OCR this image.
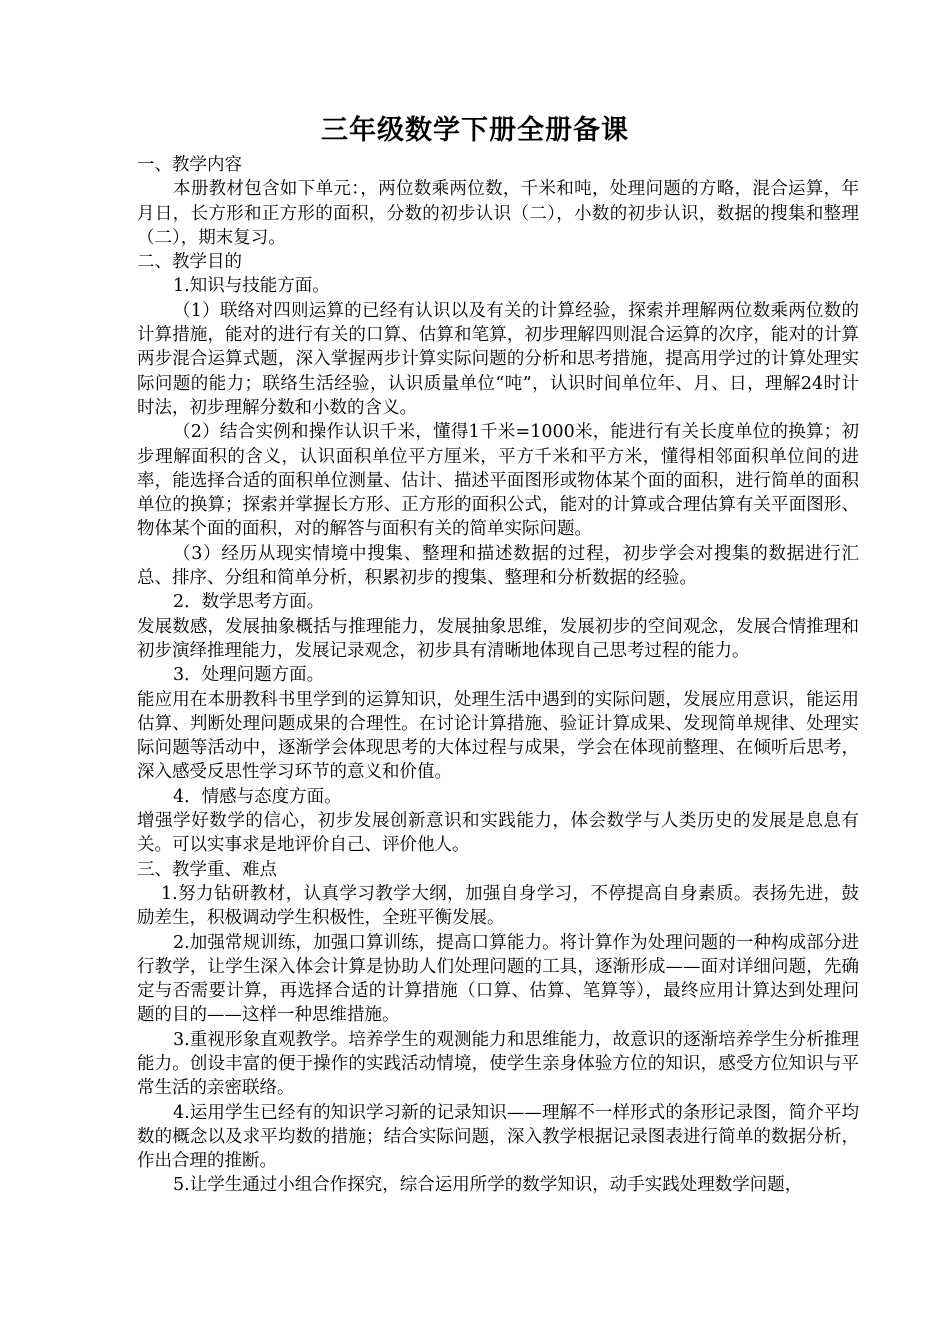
三年级数学下册全册备课

一、教学内容

本册教材包含如下单元：，两位数乘两位数，千米和吨，处理问题的方略，混合运算，年月日，长方形和正方形的面积，分数的初步认识（二），小数的初步认识，数据的搜集和整理（二），期末复习。

二、教学目的

1.知识与技能方面。

（1）联络对四则运算的已经有认识以及有关的计算经验，探索并理解两位数乘两位数的计算措施，能对的进行有关的口算、估算和笔算，初步理解四则混合运算的次序，能对的计算两步混合运算式题，深入掌握两步计算实际问题的分析和思考措施，提高用学过的计算处理实际问题的能力；联络生活经验，认识质量单位“吨”，认识时间单位年、月、日，理解24时计时法，初步理解分数和小数的含义。

（2）结合实例和操作认识千米，懂得1千米=1000米，能进行有关长度单位的换算；初步理解面积的含义，认识面积单位平方厘米，平方千米和平方米，懂得相邻面积单位间的进率，能选择合适的面积单位测量、估计、描述平面图形或物体某个面的面积，进行简单的面积单位的换算；探索并掌握长方形、正方形的面积公式，能对的计算或合理估算有关平面图形、物体某个面的面积，对的解答与面积有关的简单实际问题。

（3）经历从现实情境中搜集、整理和描述数据的过程，初步学会对搜集的数据进行汇总、排序、分组和简单分析，积累初步的搜集、整理和分析数据的经验。

2．数学思考方面。

发展数感，发展抽象概括与推理能力，发展抽象思维，发展初步的空间观念，发展合情推理和初步演绎推理能力，发展记录观念，初步具有清晰地体现自己思考过程的能力。

3．处理问题方面。

能应用在本册教科书里学到的运算知识，处理生活中遇到的实际问题，发展应用意识，能运用估算、判断处理问题成果的合理性。在讨论计算措施、验证计算成果、发现简单规律、处理实际问题等活动中，逐渐学会体现思考的大体过程与成果，学会在体现前整理、在倾听后思考，深入感受反思性学习环节的意义和价值。

4．情感与态度方面。

增强学好数学的信心，初步发展创新意识和实践能力，体会数学与人类历史的发展是息息有关。可以实事求是地评价自己、评价他人。

三、教学重、难点

1.努力钻研教材，认真学习教学大纲，加强自身学习，不停提高自身素质。表扬先进，鼓励差生，积极调动学生积极性，全班平衡发展。

2.加强常规训练，加强口算训练，提高口算能力。将计算作为处理问题的一种构成部分进行教学，让学生深入体会计算是协助人们处理问题的工具，逐渐形成——面对详细问题，先确定与否需要计算，再选择合适的计算措施（口算、估算、笔算等），最终应用计算达到处理问题的目的——这样一种思维措施。

3.重视形象直观教学。培养学生的观测能力和思维能力，故意识的逐渐培养学生分析推理能力。创设丰富的便于操作的实践活动情境，使学生亲身体验方位的知识，感受方位知识与平常生活的亲密联络。

4.运用学生已经有的知识学习新的记录知识——理解不一样形式的条形记录图，简介平均数的概念以及求平均数的措施；结合实际问题，深入教学根据记录图表进行简单的数据分析，作出合理的推断。

5.让学生通过小组合作探究，综合运用所学的数学知识，动手实践处理数学问题，
